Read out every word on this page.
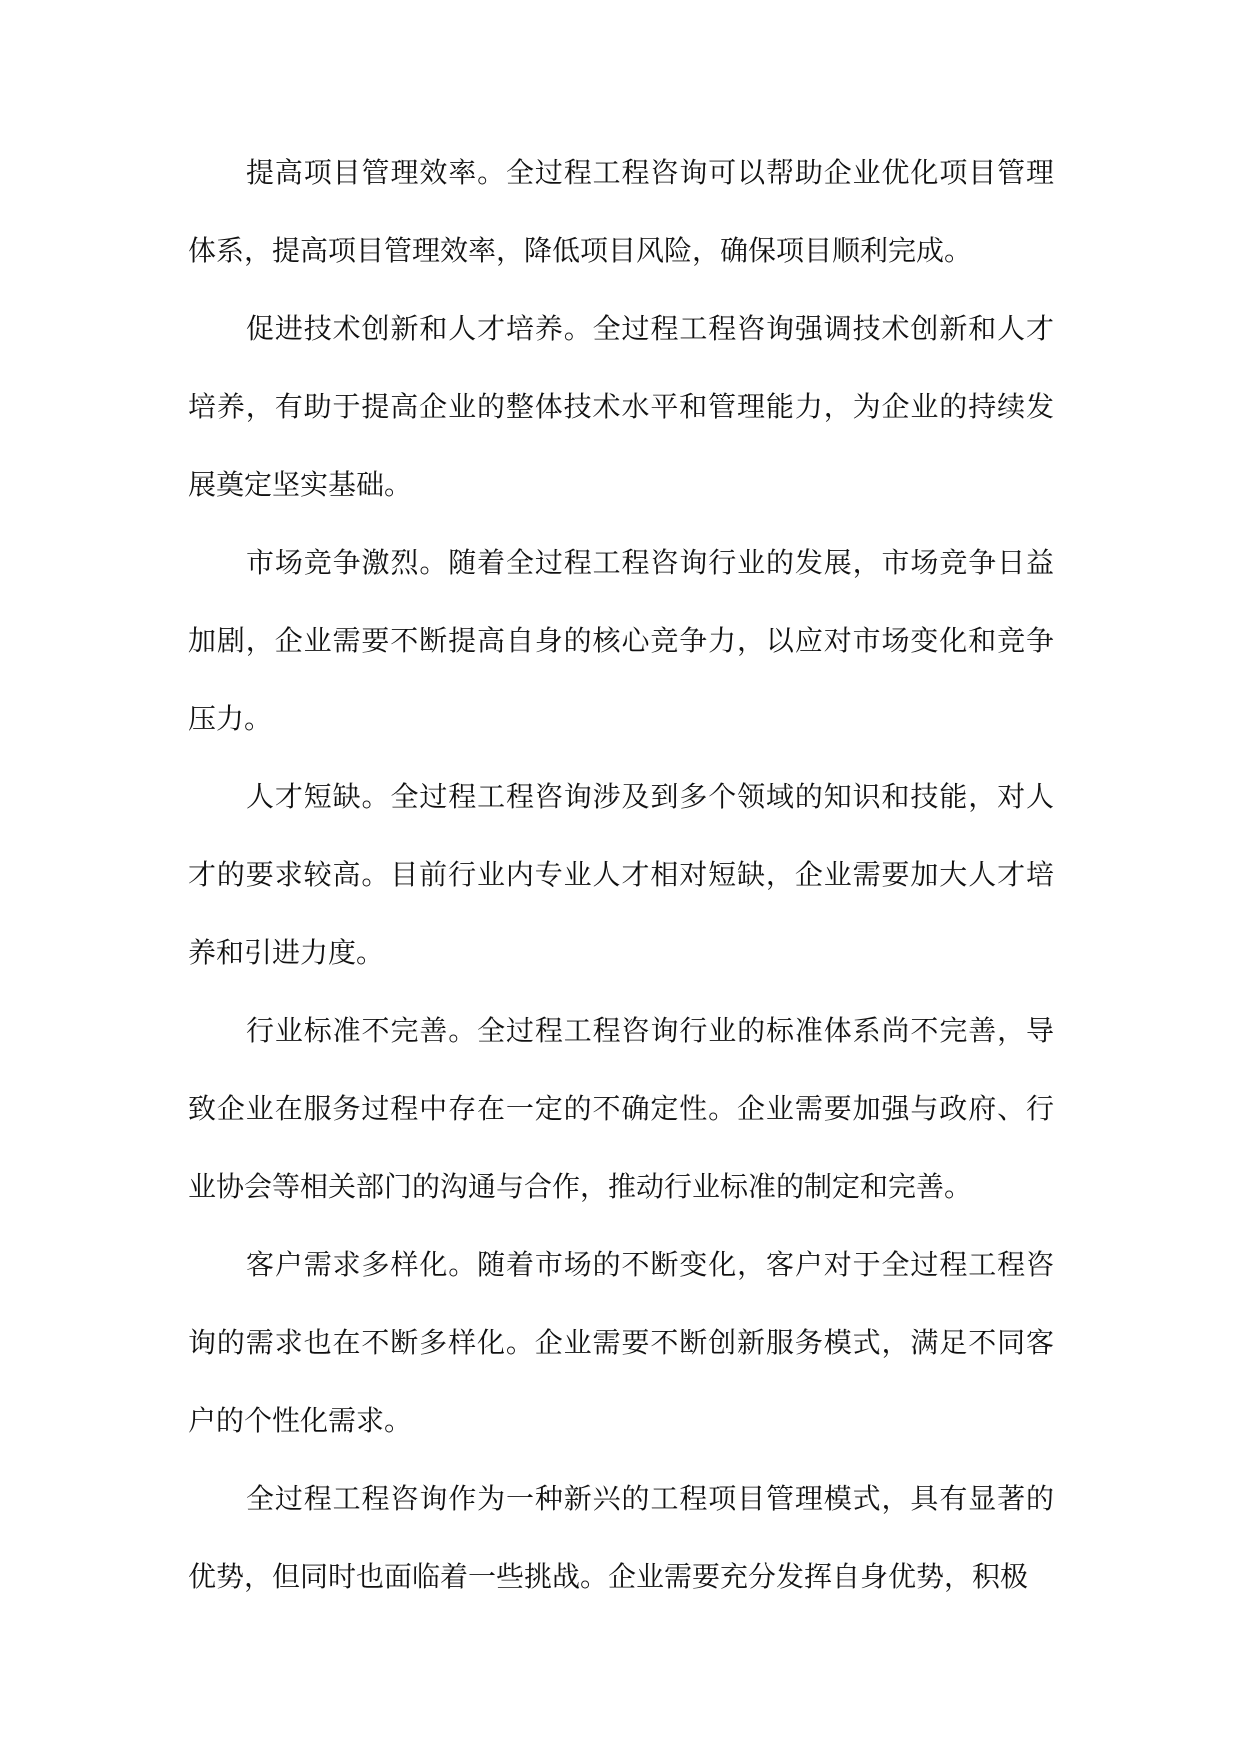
提高项目管理效率。全过程工程咨询可以帮助企业优化项目管理体系，提高项目管理效率，降低项目风险，确保项目顺利完成。

促进技术创新和人才培养。全过程工程咨询强调技术创新和人才培养，有助于提高企业的整体技术水平和管理能力，为企业的持续发展奠定坚实基础。

市场竞争激烈。随着全过程工程咨询行业的发展，市场竞争日益加剧，企业需要不断提高自身的核心竞争力，以应对市场变化和竞争压力。

人才短缺。全过程工程咨询涉及到多个领域的知识和技能，对人才的要求较高。目前行业内专业人才相对短缺，企业需要加大人才培养和引进力度。

行业标准不完善。全过程工程咨询行业的标准体系尚不完善，导致企业在服务过程中存在一定的不确定性。企业需要加强与政府、行业协会等相关部门的沟通与合作，推动行业标准的制定和完善。

客户需求多样化。随着市场的不断变化，客户对于全过程工程咨询的需求也在不断多样化。企业需要不断创新服务模式，满足不同客户的个性化需求。

全过程工程咨询作为一种新兴的工程项目管理模式，具有显著的优势，但同时也面临着一些挑战。企业需要充分发挥自身优势，积极
